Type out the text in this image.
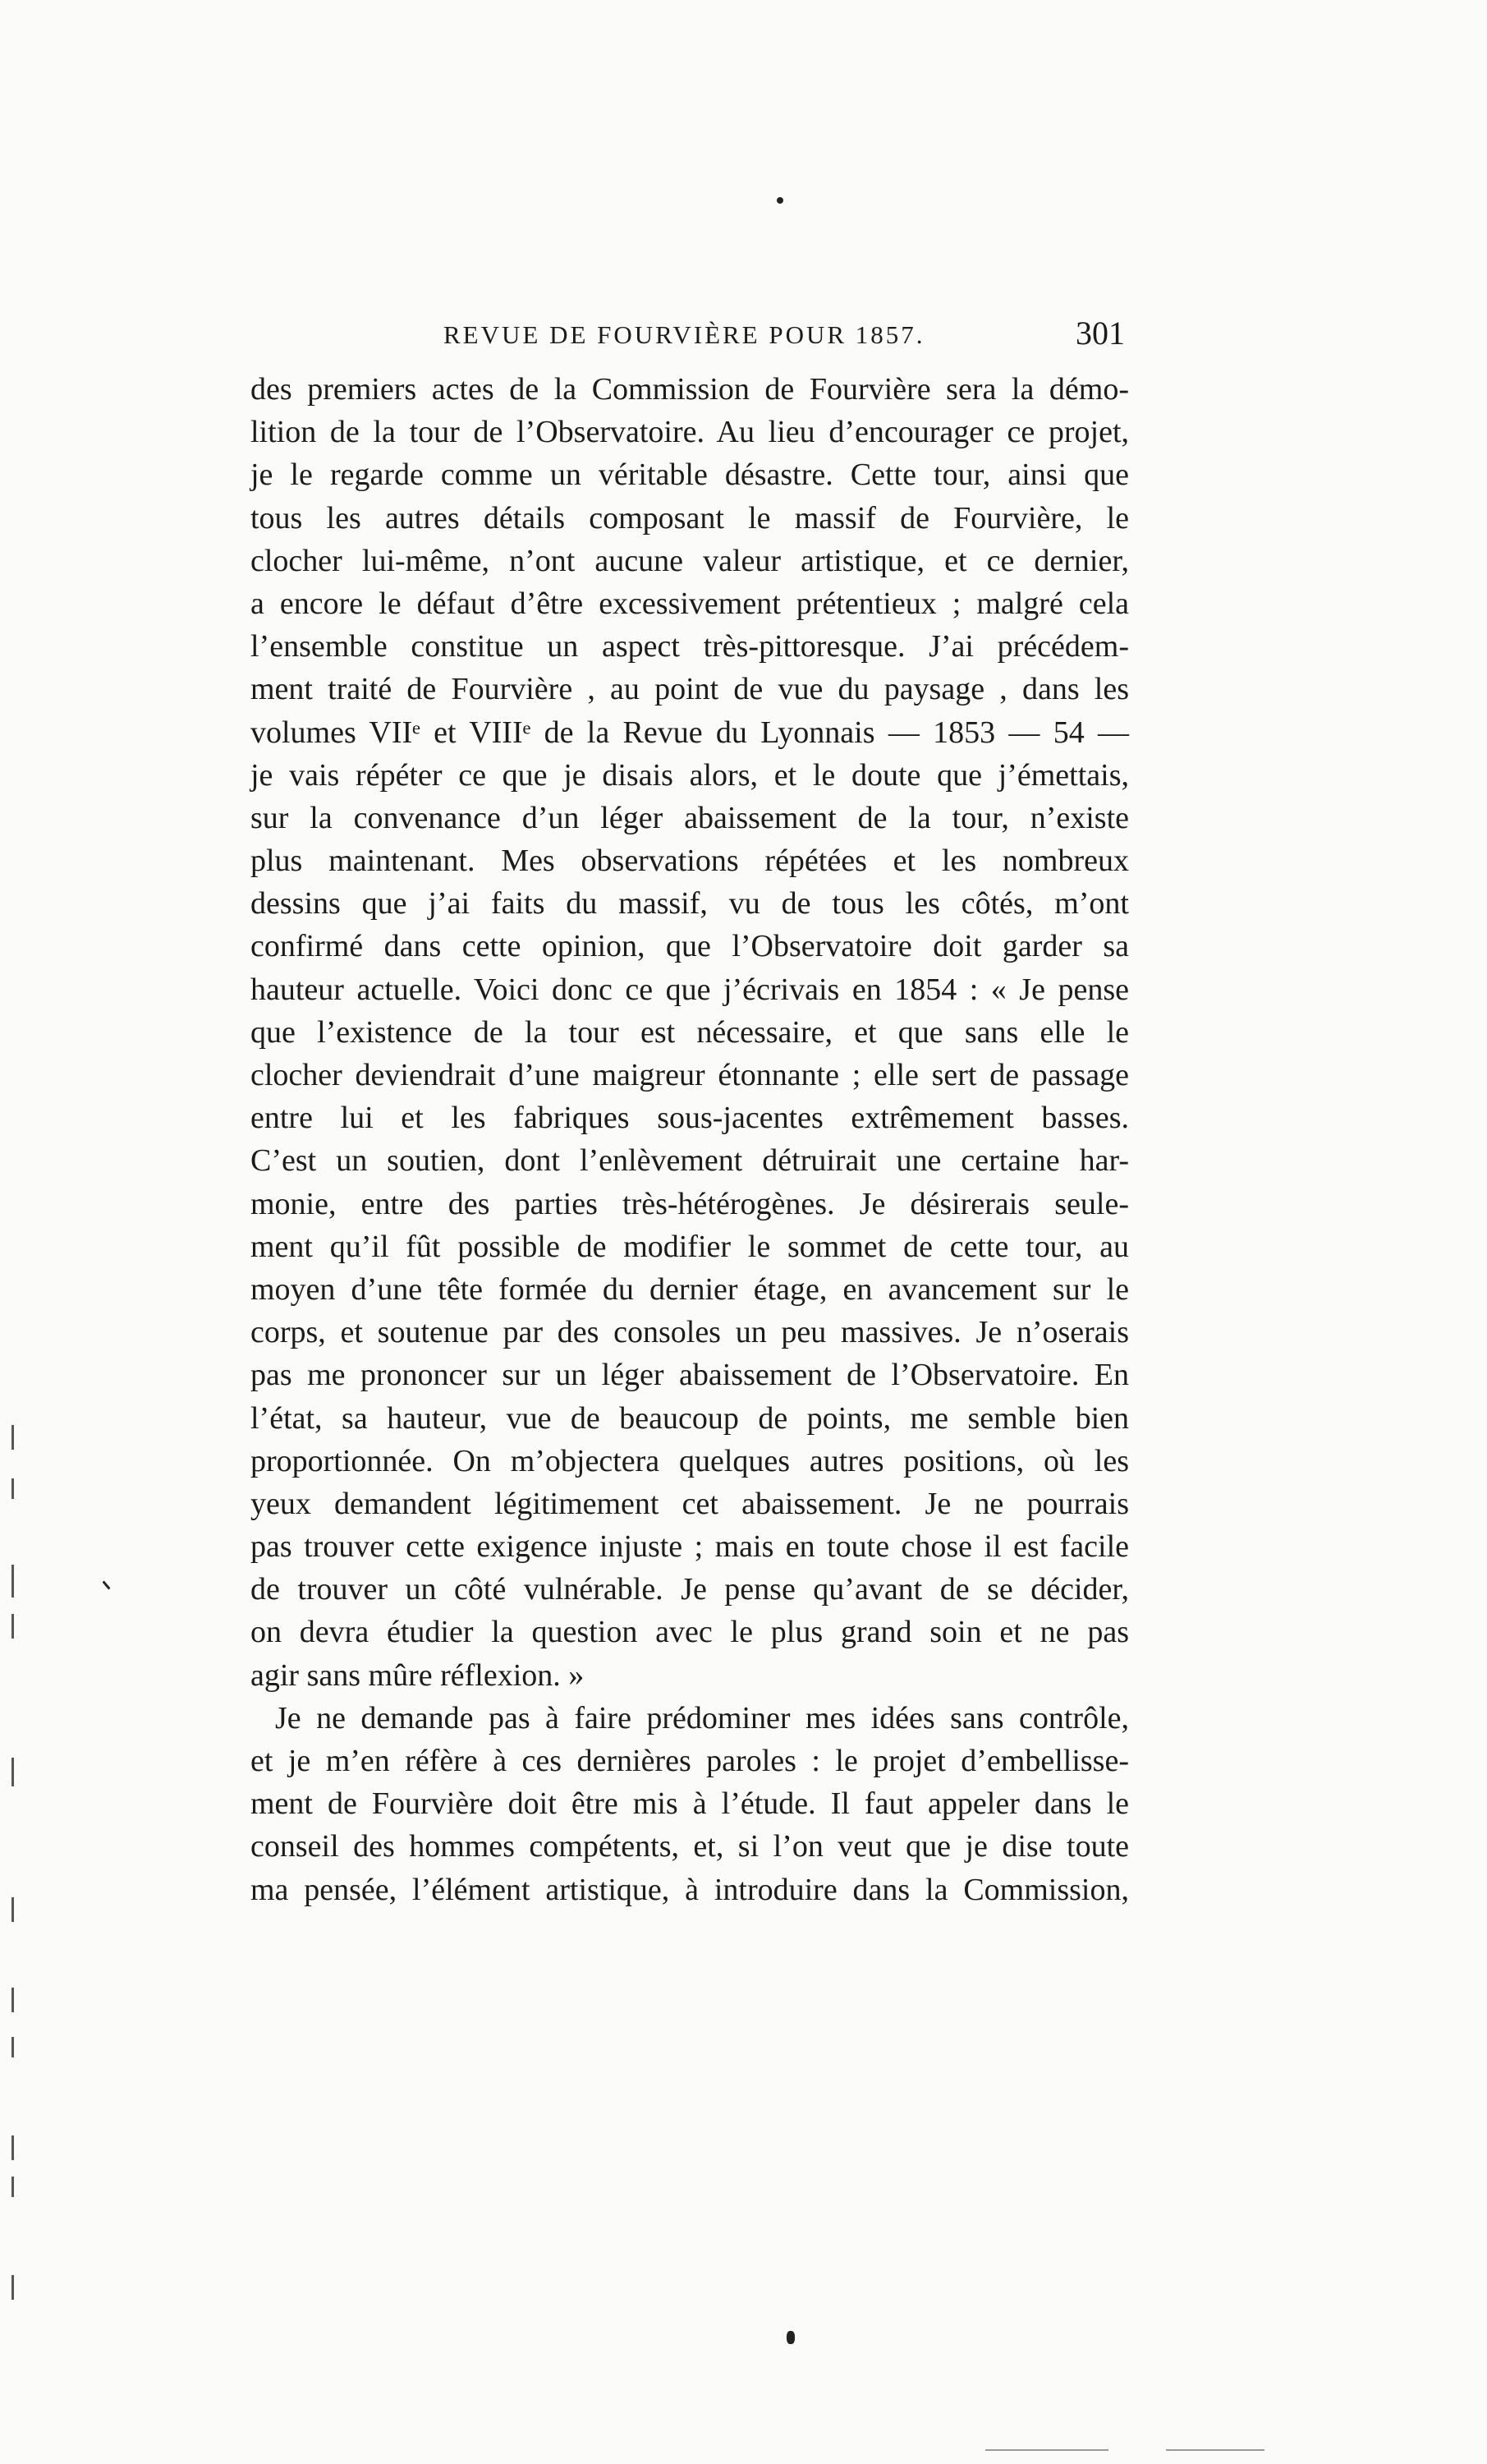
REVUE DE FOURVIÈRE POUR 1857.	301
des premiers actes de la Commission de Fourvière sera la démo-
lition de la tour de l’Observatoire. Au lieu d’encourager ce projet,
je le regarde comme un véritable désastre. Cette tour, ainsi que
tous les autres détails composant le massif de Fourvière, le
clocher lui-même, n’ont aucune valeur artistique, et ce dernier,
a encore le défaut d’être excessivement prétentieux ; malgré cela
l’ensemble constitue un aspect très-pittoresque. J’ai précédem-
ment traité de Fourvière , au point de vue du paysage , dans les
volumes VIIᵉ et VIIIᵉ de la Revue du Lyonnais — 1853 — 54 —
je vais répéter ce que je disais alors, et le doute que j’émettais,
sur la convenance d’un léger abaissement de la tour, n’existe
plus maintenant. Mes observations répétées et les nombreux
dessins que j’ai faits du massif, vu de tous les côtés, m’ont
confirmé dans cette opinion, que l’Observatoire doit garder sa
hauteur actuelle. Voici donc ce que j’écrivais en 1854 : « Je pense
que l’existence de la tour est nécessaire, et que sans elle le
clocher deviendrait d’une maigreur étonnante ; elle sert de passage
entre lui et les fabriques sous-jacentes extrêmement basses.
C’est un soutien, dont l’enlèvement détruirait une certaine har-
monie, entre des parties très-hétérogènes. Je désirerais seule-
ment qu’il fût possible de modifier le sommet de cette tour, au
moyen d’une tête formée du dernier étage, en avancement sur le
corps, et soutenue par des consoles un peu massives. Je n’oserais
pas me prononcer sur un léger abaissement de l’Observatoire. En
l’état, sa hauteur, vue de beaucoup de points, me semble bien
proportionnée. On m’objectera quelques autres positions, où les
yeux demandent légitimement cet abaissement. Je ne pourrais
pas trouver cette exigence injuste ; mais en toute chose il est facile
de trouver un côté vulnérable. Je pense qu’avant de se décider,
on devra étudier la question avec le plus grand soin et ne pas
agir sans mûre réflexion. »
Je ne demande pas à faire prédominer mes idées sans contrôle,
et je m’en réfère à ces dernières paroles : le projet d’embellisse-
ment de Fourvière doit être mis à l’étude. Il faut appeler dans le
conseil des hommes compétents, et, si l’on veut que je dise toute
ma pensée, l’élément artistique, à introduire dans la Commission,
